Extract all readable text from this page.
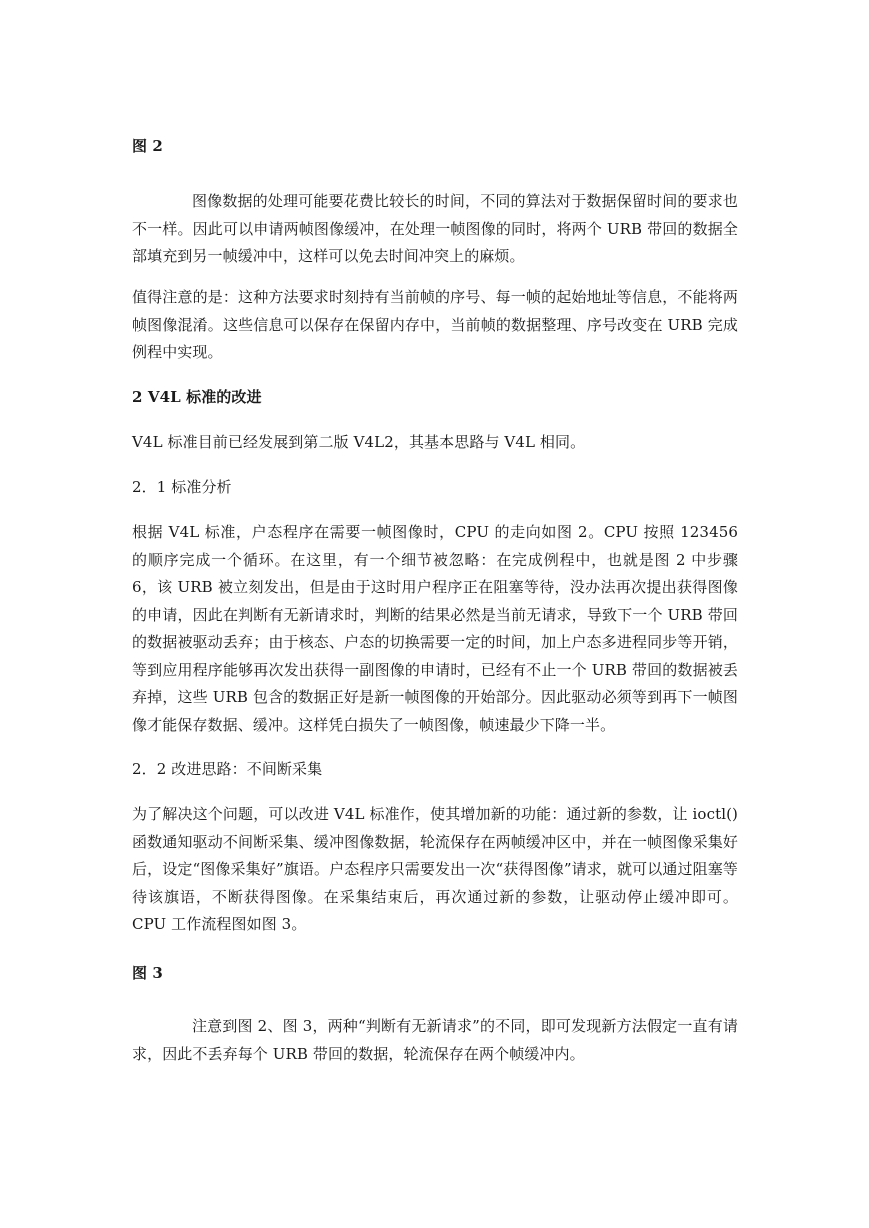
图 2

图像数据的处理可能要花费比较长的时间，不同的算法对于数据保留时间的要求也不一样。因此可以申请两帧图像缓冲，在处理一帧图像的同时，将两个 URB 带回的数据全部填充到另一帧缓冲中，这样可以免去时间冲突上的麻烦。

值得注意的是：这种方法要求时刻持有当前帧的序号、每一帧的起始地址等信息，不能将两帧图像混淆。这些信息可以保存在保留内存中，当前帧的数据整理、序号改变在 URB 完成例程中实现。

2 V4L 标准的改进

V4L 标准目前已经发展到第二版 V4L2，其基本思路与 V4L 相同。

2．1 标准分析

根据 V4L 标准，户态程序在需要一帧图像时，CPU 的走向如图 2。CPU 按照 123456 的顺序完成一个循环。在这里，有一个细节被忽略：在完成例程中，也就是图 2 中步骤 6，该 URB 被立刻发出，但是由于这时用户程序正在阻塞等待，没办法再次提出获得图像的申请，因此在判断有无新请求时，判断的结果必然是当前无请求，导致下一个 URB 带回的数据被驱动丢弃；由于核态、户态的切换需要一定的时间，加上户态多进程同步等开销，等到应用程序能够再次发出获得一副图像的申请时，已经有不止一个 URB 带回的数据被丢弃掉，这些 URB 包含的数据正好是新一帧图像的开始部分。因此驱动必须等到再下一帧图像才能保存数据、缓冲。这样凭白损失了一帧图像，帧速最少下降一半。

2．2 改进思路：不间断采集

为了解决这个问题，可以改进 V4L 标准作，使其增加新的功能：通过新的参数，让 ioctl() 函数通知驱动不间断采集、缓冲图像数据，轮流保存在两帧缓冲区中，并在一帧图像采集好后，设定“图像采集好”旗语。户态程序只需要发出一次“获得图像”请求，就可以通过阻塞等待该旗语，不断获得图像。在采集结束后，再次通过新的参数，让驱动停止缓冲即可。CPU 工作流程图如图 3。

图 3

注意到图 2、图 3，两种“判断有无新请求”的不同，即可发现新方法假定一直有请求，因此不丢弃每个 URB 带回的数据，轮流保存在两个帧缓冲内。
